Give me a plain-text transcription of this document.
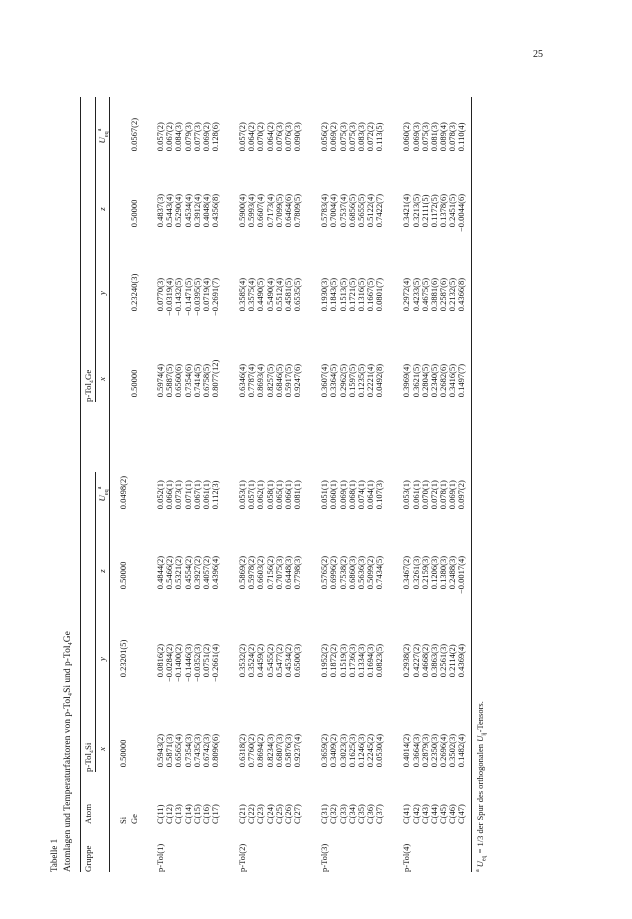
25
Tabelle 1 Atomlagen und Temperaturfaktoren von p-Tol₄Si und p-Tol₄Ge Gruppe
Atom
p-Tol₄Si
p-Tol₄Ge
x
y
z
$U_{eq}^a$
x
y
z
$U_{eq}^a$
Si
0.50000
0.23201(5)
0.50000
0.0498(2)
Ge
0.50000
0.23240(3)
0.50000
0.0567(2)
p-Tol(1)
C(11)
0.5943(2)
0.0816(2)
0.4844(2)
0.052(1)
0.5974(4)
0.0770(3)
0.4837(3)
0.057(2)
C(12)
0.5871(3)
−0.0284(2)
0.5466(2)
0.066(1)
0.5887(5)
−0.0319(4)
0.5443(4)
0.067(2)
C(13)
0.6565(4)
−0.1400(2)
0.5321(2)
0.073(1)
0.6560(6)
−0.1432(5)
0.5290(4)
0.084(3)
C(14)
0.7354(3)
−0.1446(3)
0.4554(2)
0.071(1)
0.7354(6)
−0.1471(5)
0.4534(4)
0.079(3)
C(15)
0.7435(3)
−0.0352(3)
0.3927(2)
0.067(1)
0.7414(5)
−0.0395(5)
0.3912(4)
0.077(3)
C(16)
0.6742(3)
0.0751(2)
0.4057(2)
0.061(1)
0.6758(5)
0.0719(4)
0.4048(4)
0.069(2)
C(17)
0.8096(6)
−0.2661(4)
0.4396(4)
0.112(3)
0.8077(12)
−0.2691(7)
0.4356(8)
0.128(6)
p-Tol(2)
C(21)
0.6318(2)
0.3532(2)
0.5869(2)
0.053(1)
0.6346(4)
0.3585(4)
0.5900(4)
0.057(2)
C(22)
0.7760(2)
0.3524(2)
0.5978(2)
0.057(1)
0.7787(4)
0.3575(4)
0.5993(4)
0.064(2)
C(23)
0.8694(2)
0.4459(2)
0.6603(2)
0.062(1)
0.8693(4)
0.4490(5)
0.6607(4)
0.070(2)
C(24)
0.8234(3)
0.5455(2)
0.7156(2)
0.058(1)
0.8257(5)
0.5490(4)
0.7173(4)
0.064(2)
C(25)
0.6807(3)
0.5477(2)
0.7075(3)
0.065(1)
0.6846(5)
0.5512(4)
0.7099(5)
0.076(3)
C(26)
0.5876(3)
0.4534(2)
0.6448(3)
0.066(1)
0.5917(5)
0.4581(5)
0.6464(6)
0.076(3)
C(27)
0.9237(4)
0.6500(3)
0.7798(3)
0.081(1)
0.9247(6)
0.6535(5)
0.7809(5)
0.090(3)
p-Tol(3)
C(31)
0.3659(2)
0.1952(2)
0.5765(2)
0.051(1)
0.3607(4)
0.1930(3)
0.5783(4)
0.056(2)
C(32)
0.3409(2)
0.1872(2)
0.6996(2)
0.060(1)
0.3364(5)
0.1843(5)
0.7004(4)
0.069(2)
C(33)
0.3023(3)
0.1519(3)
0.7538(2)
0.069(1)
0.2962(5)
0.1513(5)
0.7537(4)
0.075(3)
C(34)
0.1625(3)
0.1736(3)
0.6860(3)
0.068(1)
0.1597(5)
0.1721(5)
0.6856(5)
0.075(3)
C(35)
0.1246(3)
0.1334(3)
0.5636(3)
0.074(1)
0.1235(5)
0.1316(5)
0.5655(5)
0.083(3)
C(36)
0.2245(2)
0.1694(3)
0.5099(2)
0.064(1)
0.2221(4)
0.1667(5)
0.5122(4)
0.072(2)
C(37)
0.0530(4)
0.0823(5)
0.7434(5)
0.107(3)
0.0492(8)
0.0801(7)
0.7422(7)
0.113(5)
p-Tol(4)
C(41)
0.4014(2)
0.2938(2)
0.3467(2)
0.053(1)
0.3969(4)
0.2972(4)
0.3421(4)
0.060(2)
C(42)
0.3664(3)
0.4227(2)
0.3261(3)
0.061(1)
0.3621(5)
0.4233(5)
0.3213(5)
0.069(3)
C(43)
0.2879(3)
0.4668(2)
0.2159(3)
0.070(1)
0.2804(5)
0.4675(5)
0.2111(5)
0.075(3)
C(44)
0.2350(3)
0.3863(3)
0.1206(3)
0.072(1)
0.2340(5)
0.3881(6)
0.1172(5)
0.081(3)
C(45)
0.2696(4)
0.2561(3)
0.1380(3)
0.078(1)
0.2682(6)
0.2587(6)
0.1378(6)
0.089(4)
C(46)
0.3502(3)
0.2114(2)
0.2488(3)
0.069(1)
0.3416(5)
0.2132(5)
0.2451(5)
0.078(3)
C(47)
0.1482(4)
0.4369(4)
−0.0017(4)
0.097(2)
0.1497(7)
0.4366(8)
−0.0044(6)
0.110(4)
$^a$ $U_{eq} = 1/3$ der Spur des orthogonalen $U_{ij}$-Tensors.
